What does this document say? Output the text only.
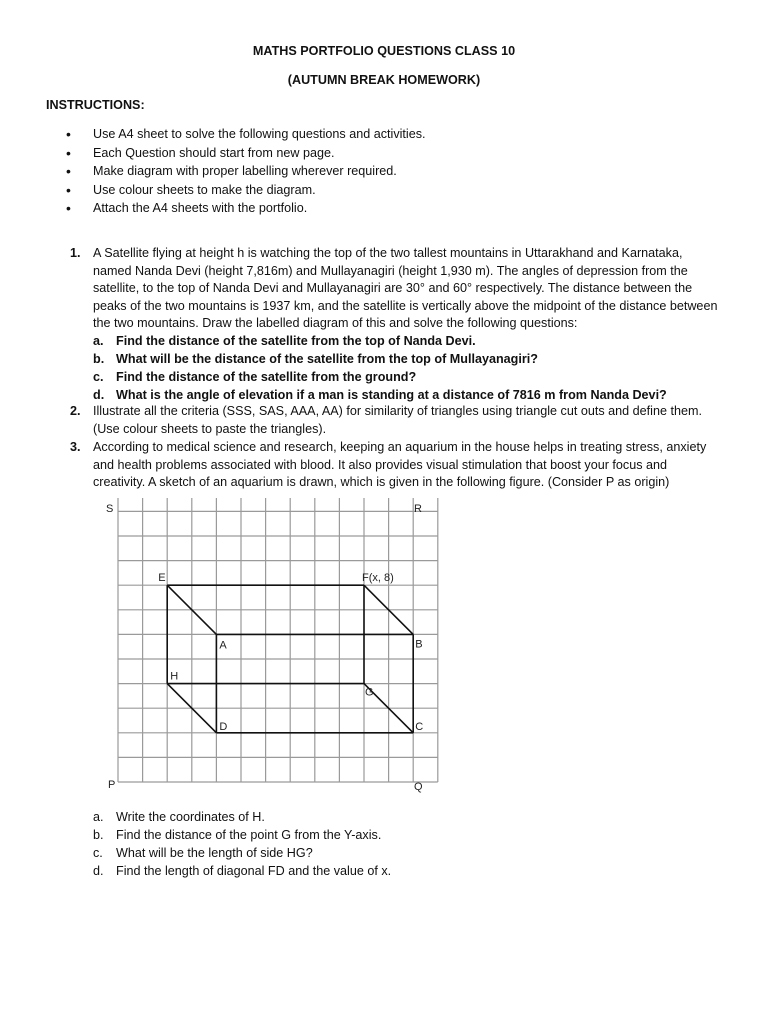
MATHS PORTFOLIO QUESTIONS CLASS 10
(AUTUMN BREAK HOMEWORK)
INSTRUCTIONS:
• Use A4 sheet to solve the following questions and activities.
• Each Question should start from new page.
• Make diagram with proper labelling wherever required.
• Use colour sheets to make the diagram.
• Attach the A4 sheets with the portfolio.
1. A Satellite flying at height h is watching the top of the two tallest mountains in Uttarakhand and Karnataka, named Nanda Devi (height 7,816m) and Mullayanagiri (height 1,930 m). The angles of depression from the satellite, to the top of Nanda Devi and Mullayanagiri are 30° and 60° respectively. The distance between the peaks of the two mountains is 1937 km, and the satellite is vertically above the midpoint of the distance between the two mountains. Draw the labelled diagram of this and solve the following questions:
a. Find the distance of the satellite from the top of Nanda Devi.
b. What will be the distance of the satellite from the top of Mullayanagiri?
c. Find the distance of the satellite from the ground?
d. What is the angle of elevation if a man is standing at a distance of 7816 m from Nanda Devi?
2. Illustrate all the criteria (SSS, SAS, AAA, AA) for similarity of triangles using triangle cut outs and define them. (Use colour sheets to paste the triangles).
3. According to medical science and research, keeping an aquarium in the house helps in treating stress, anxiety and health problems associated with blood. It also provides visual stimulation that boost your focus and creativity. A sketch of an aquarium is drawn, which is given in the following figure. (Consider P as origin)
E	F(x, 8)
A	B
H
G
D	C
S	R
P	Q
a. Write the coordinates of H.
b. Find the distance of the point G from the Y-axis.
c. What will be the length of side HG?
d. Find the length of diagonal FD and the value of x.
